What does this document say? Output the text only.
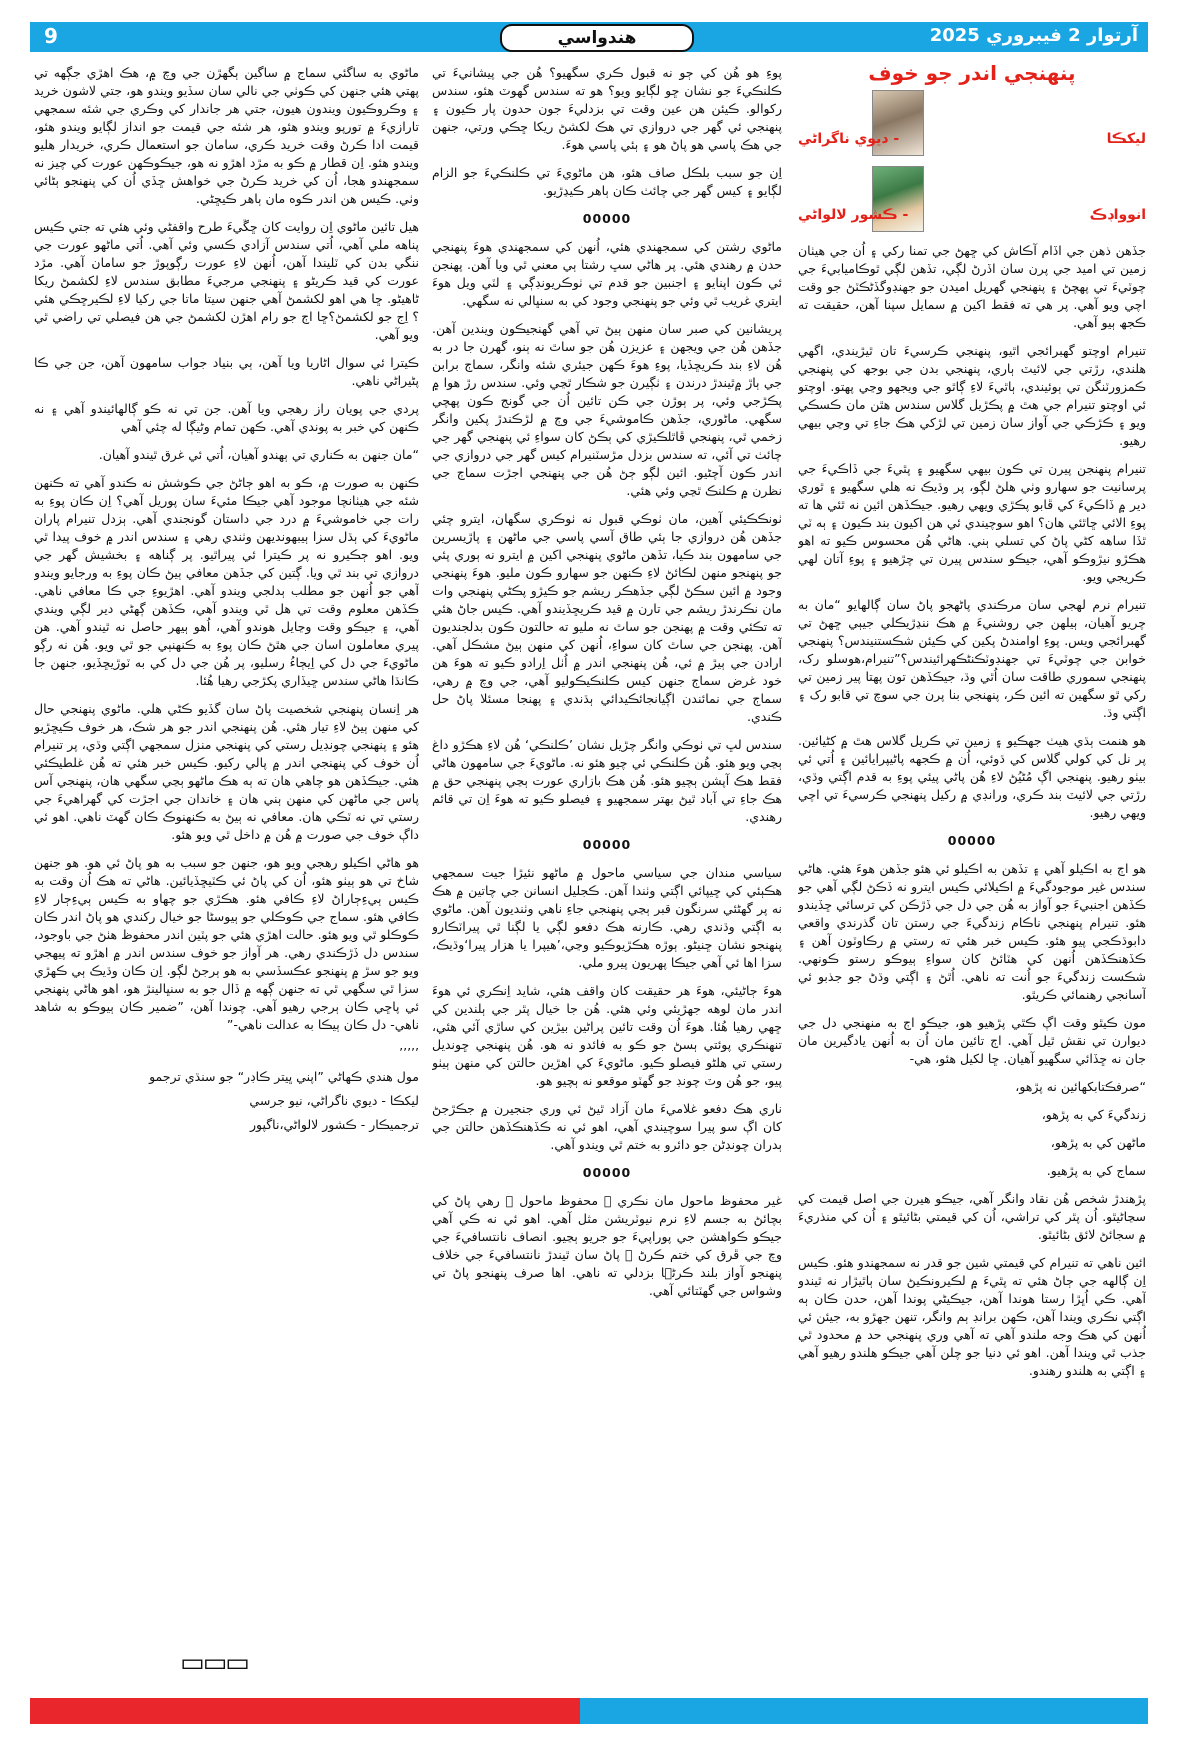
9	هندواسي	آرتوار 2 فيبروري 2025
پنهنجي اندر جو خوف
ليکڪا
- ديوي ناگراڻي
انوواڊڪ
- ڪشور لالواڻي

جڏهن ذهن جي اڏام آڪاش کي ڇهڻ جي تمنا رکي ۽ اُن جي هيٺان زمين تي اميد جي پرن سان اڏرڻ لڳي، تڏهن لڳي ٿوڪاميابيءَ جي چوٽيءَ تي پهچڻ ۽ پنهنجي گهريل اميدن جو جهنڊوگڏڻڪٽڻ جو وقت اچي ويو آهي. پر هي ته فقط اکين ۾ سمايل سپنا آهن، حقيقت ته ڪجھ ٻيو آهي.

تنيرام اوچتو گهبرائجي اٿيو، پنهنجي ڪرسيءَ تان ٿيڙيندي، اگهي هلندي، رڙتي جي لائيٽ ٻاري، پنهنجي بدن جي بوجھ کي پنهنجي ڪمزورٽنگن تي ٻوئيندي، ٻاٿيءَ لاءِ ڳاٿو جي ويجهو وڃي پهتو. اوچتو ئي اوچتو تنيرام جي هٿ ۾ پڪڙيل گلاس سندس هٿن مان ڪسڪي ويو ۽ ڪڙڪي جي آواز سان زمين تي لڙکي هڪ جاءِ تي وڃي بيهي رهيو.

تنيرام پنهنجن پيرن تي ڪون بيهي سگهيو ۽ پٿيءَ جي ڏاڪيءَ جي پرسانيت جو سهارو وٺي هلڻ لڳو، پر وڌيڪ نه هلي سگهيو ۽ ٿوري دير ۾ ڏاڪيءَ کي ڦابو پڪڙي ويهي رهيو. جيڪڏهن ائين نه ٿئي ها ته پوءِ الائي ڇاٿئي هان؟ اهو سوچيندي ئي هن اکيون بند ڪيون ۽ ٻه ٽي ٿڏا ساهه کڻي پاڻ کي تسلي ٻني. هاڻي هُن محسوس ڪيو ته اهو هڪڙو نيڙوڪو آهي، جيڪو سندس پيرن تي چڙهيو ۽ پوءِ آتان لهي ڪريجي ويو.

تنيرام نرم لهجي سان مرڪندي پاڻهجو پاڻ سان ڳالهايو “مان به چريو آهيان، ٻيلهن جي روشنيءَ ۾ هڪ ننڍڙيڪلي جيٻي ڇهڻ تي گهبرائجي ويس. پوءِ اوامندڻ پکين کي ڪيئن شڪستنيندس؟ پنهنجي خوابن جي چوٽيءَ تي جهنڊوٽڪنڻڪهرائيندس؟”تنيرام،هوسلو رک، پنهنجي سموري طاقت سان اُٿي وڌ، جيڪڏهن تون پهتا پير زمين تي رکي ٿو سگهين ته ائين ڪر، پنهنجي بنا پرن جي سوچ تي قابو رک ۽ اڳتي وڌ.

هو هنمت ٻڌي هيٺ جهڪيو ۽ زمين تي ڪريل گلاس هٿ ۾ کڻيائين. پر نل کي کولي گلاس کي ڌوئي، اُن ۾ ڪجهه پاڻيپرايائين ۽ اُتي ئي بيٺو رهيو. پنهنجي اڳ مُڻيُڻ لاءِ هُن پاڻي پيئي پوءِ به قدم اڳتي وڌي، رڙتي جي لائيٽ بند ڪري، ورانڊي ۾ رکيل پنهنجي ڪرسيءَ تي اچي ويهي رهيو.

00000

هو اڄ به اڪيلو آهي ۽ تڏهن به اڪيلو ئي هئو جڏهن هوءَ هئي. هاڻي سندس غير موجودگيءَ ۾ اڪيلائي ڪيس ايترو نه ڏڪڻ لڳي آهي جو ڪڏهن اجنبيءَ جو آواز به هُن جي دل جي ڏڙڪن کي ترسائي ڇڏيندو هئو. تنيرام پنهنجي ناڪام زندگيءَ جي رستن تان گذرندي واقعي دابوڌڪجي پيو هئو. ڪيس خبر هئي ته رستي ۾ رڪاوٽون آهن ۽ ڪڏهنڪڏهن اُنهن کي هٽائڻ کان سواءِ ٻيوڪو رستو ڪونهي. شڪست زندگيءَ جو اُنت ته ناهي. اُٿڻ ۽ اڳتي وڌڻ جو جذبو ئي آسانجي رهنمائي ڪريٿو.

مون ڪيٿو وقت اڳ ڪٿي پڙهيو هو، جيڪو اڄ به منهنجي دل جي ديوارن تي نقش ٿيل آهي. اڄ تائين مان اُن به اُنهن يادگيرين مان جان نه ڇڏائي سگهيو آهيان. ڇا لکيل هئو، هي-

“صرفڪتابکهائين نه پڙهو،

زندگيءَ کي به پڙهو،

ماڻهن کي به پڙهو،

سماج کي به پڙهيو.

پڙهندڙ شخص هُن نقاد وانگر آهي، جيڪو هيرن جي اصل قيمت کي سڃاڻيٿو. اُن پٿر کي تراشي، اُن کي قيمتي بڻائيٿو ۽ اُن کي منذريءَ ۾ سجائڻ لائق بڻائيٿو.

ائين ناهي ته تنيرام کي قيمتي شين جو قدر نه سمجهندو هئو. ڪيس اِن ڳالهه جي ڄاڻ هئي ته پٿيءَ ۾ لڪيرونڪيڻ سان ٻاٿيڙار نه ٿيندو آهي. ڪي اُڀڙا رستا هوندا آهن، جيڪيڻي پوندا آهن، حدن ڪان ٻه اڳتي نڪري ويندا آهن، ڪهن برانڊ ٻم وانگر، تنهن جهڙو به، جيئن ئي اُنهن کي هڪ وجه ملندو آهي ته آهي وري پنهنجي حد ۾ محدود ٿي جذب ٿي ويندا آهن. اهو ئي دنيا جو چلن آهي جيڪو هلندو رهيو آهي ۽ اڳتي به هلندو رهندو.

پوءِ هو هُن کي ڄو نه قبول ڪري سگهيو؟ هُن جي پيشانيءَ تي ڪلنڪيءَ جو نشان ڇو لڳايو ويو؟ هو ته سندس گهوٽ هئو، سندس رکوالو. ڪيئن هن عين وقت تي بزدليءَ جون حدون پار ڪيون ۽ پنهنجي ئي گهر جي دروازي تي هڪ لکشڻ ريکا ڇڪي ورتي، جنهن جي هڪ پاسي هو پاڻ هو ۽ ٻئي پاسي هوءَ.

اِن جو سبب بلڪل صاف هئو، هن ماڻويءَ تي ڪلنڪيءَ جو الزام لڳايو ۽ کيس گهر جي چائٺ ڪان ٻاهر ڪيڍڙيو.

00000

ماڻوي رشتن کي سمجهندي هئي، اُنهن کي سمجهندي هوءَ پنهنجي حدن ۾ رهندي هئي. پر هاڻي سڀ رشتا ٻي معني ٿي ويا آهن. پهنجن ئي ڪون اپنايو ۽ اجنبين جو قدم تي ٺوڪريونڊڳي ۽ لٽي ويل هوءَ ايتري غريب ٿي وئي جو پنهنجي وجود کي به سنڀالي نه سگهي.

پريشانين کي صبر سان منهن ٻيڻ تي آهي گهنجيڪون ويندين آهن. جڏهن هُن جي ويجهن ۽ عزيزن هُن جو ساٿ نه ٻنو، گهرن جا در به هُن لاءِ بند ڪريڇڏيا، پوءِ هوءَ ڪهن جيئري شئه وانگر، سماڄ برابن جي ٻاڙ ۾ٿيندڙ درندن ۽ ٺڳيرن جو شڪار ٿڃي وئي. سندس رڙ هوا ۾ پڪڙجي وئي، پر ٻوڙن جي ڪن تائين اُن جي گونج ڪون پهچي سگهي. ماڻوري، جڏهن ڪاموشيءَ جي وڄ ۾ لڙڪندڙ پکين وانگر زخمي ٿي، پنهنجي ڦاٿلڪيڙي کي ٻڪڻ کان سواءِ ئي پنهنجي گهر جي چائٺ تي آئي، ته سندس بزدل مڙسٽنيرام کيس گهر جي دروازي جي اندر ڪون آچڻيو. ائين لڳو ڄڻ هُن جي پنهنجي اجڙت سماڄ جي نظرن ۾ ڪلنڪ ٿڃي وئي هئي.

ٺونڪڪيئي آهين، مان ٺوڪي قبول نه ٺوڪري سگهان، ايترو چئي جڏهن هُن دروازي جا ٻئي طاق آسي پاسي جي ماڻهن ۽ پاڙيسرين جي سامهون بند ڪيا، تڏهن ماڻوي پنهنجي اکين ۾ ايترو نه ٻوري پئي جو پنهنجو منهن لڪائڻ لاءِ ڪنهن جو سهارو ڪون مليو. هوءَ پنهنجي وجود ۾ ائين سڪڻ لڳي جڏهڪر ريشم جو ڪيڙو پڪڻي پنهنجي وات مان نڪرندڙ ريشم جي تارن ۾ قيد ڪريڇڏيندو آهي. ڪيس جاڻ هئي ته تڪئي وقت ۾ پهنجن جو ساٿ نه مليو ته حالتون ڪون بدلجنديون آهن. پهنجن جي ساٿ کان سواءِ، اُنهن کي منهن ٻيڻ مشڪل آهي. ارادن جي ٻيڙ ۾ ئي، هُن پنهنجي اندر ۾ اُٺل اِرادو ڪيو ته هوءَ هن خود غرض سماڄ جنهن کيس ڪلنڪيڪوليو آهي، جي وچ ۾ رهي، سماڄ جي نمائندن اڳيانجائڪيدائي ٻڌندي ۽ پهنجا مسئلا پاڻ حل ڪندي.

سندس لڀ تي ٺوڪي وانگر چڙيل نشان ’ڪلنڪي‘ هُن لاءِ هڪڙو داغ ٻڃي ويو هئو. هُن ڪلنڪي ئي چيو هئو نه. ماڻويءَ جي سامهون هاڻي فقط هڪ آپشن ٻچيو هئو. هُن هڪ بازاري عورت ٻڃي پنهنجي حق ۾ هڪ جاءِ تي آباد ٿيڻ بهتر سمجهيو ۽ فيصلو ڪيو ته هوءَ اِن تي قائم رهندي.

00000

سياسي مندان جي سياسي ماحول ۾ ماڻهو نئيڙا جيت سمجهي هڪٻئي کي ڇيپائي اڳتي وٺندا آهن. ڪجليل انسانن جي چاتين ۾ هڪ نه پر گهڻئي سرنگون قبر ٻڃي پنهنجي جاءِ ناهي وٺنديون آهن. ماڻوي به اڳتي وڌندي رهي. ڪارنه هڪ دفعو لڳي يا لڳنا ٿي پيراٽڪارو پنهنجو نشان ڇنيڻو. ٻوڙه هڪڙيوڪيو وڃي،’هيپرا يا هزار پيرا‘وڌيڪ، سزا اها ئي آهي جيڪا پهريون پيرو ملي.

هوءَ ڄاڻيئي، هوءَ هر حقيقت کان واقف هئي، شايد اِنڪري ئي هوءَ اندر مان لوهه جهڙيئي وئي هئي. هُن جا خيال پٿر جي ٻلندين کي ڇهي رهيا هُئا. هوءَ اُن وقت تائين پراڻين بيڙين کي ساڙي آئي هئي، تنهنڪري پوئتي ٻسڻ جو ڪو به فائدو نه هو. هُن پنهنجي ڇونديل رستي تي هلڻو فيصلو ڪيو. ماڻويءَ کي اهڙين حالتن کي منهن ٻيٺو پيو، جو هُن وٽ چونڊ جو گهٽو موقعو نه ٻچيو هو.

ناري هڪ دفعو غلاميءَ مان آزاد ٿيڻ ئي وري جنجيرن ۾ جڪڙجڻ کان اڳ سو پيرا سوچيندي آهي، اهو ئي نه ڪڏهنڪڏهن حالتن جي ٻدران چونڊڻن جو دائرو به ختم ٿي ويندو آهي.

00000

غير محفوظ ماحول مان نڪري ۽ محفوظ ماحول ۾ رهي پاڻ کي بچائڻ به جسم لاءِ نرم نيوٽريشن مثل آهي. اهو ئي نه ڪي آهي جيڪو ڪواهشن جي پوراپيءَ جو جريو ٻڃيو. انصاف نانتسافيءَ جي وچ جي ڦرق کي ختم ڪرڻ ۽ پاڻ سان ٿيندڙ نانتسافيءَ جي خلاف پنهنجو آواز بلند ڪرڻ٘ا بزدلي ته ناهي. اها صرف پنهنجو پاڻ تي وشواس جي گهٽتائي آهي.

ماڻوي به ساگئي سماج ۾ ساگين ٻگهڙن جي وچ ۾، هڪ اهڙي جڳهه تي پهتي هئي جنهن کي ڪوٺي جي نالي سان سڏيو ويندو هو، جتي لاشون خريد ۽ وڪروڪيون ويندون هيون، جتي هر جاندار کي وڪري جي شئه سمجهي تارازيءَ ۾ تورپو ويندو هئو، هر شئه جي قيمت جو انداز لڳايو ويندو هئو، قيمت ادا ڪرڻ وقت خريد ڪري، سامان جو استعمال ڪري، خريدار هليو ويندو هئو. اِن قطار ۾ ڪو به مڙد اهڙو نه هو، جيڪوڪهن عورت کي چيز نه سمجهندو هجا، اُن کي خريد ڪرڻ جي خواهش ڇڏي اُن کي پنهنجو ٻڻائي وٺي. ڪيس هن اندر ڪوه مان ٻاهر ڪيڇڻي.

هيل تائين ماڻوي اِن روايت کان ڇڱيءَ طرح واقفڻي وئي هئي ته جتي ڪيس پناهه ملي آهي، اُتي سندس آزادي ڪسي وئي آهي. اُتي ماڻهو عورت جي ننگي بدن کي ٽليندا آهن، اُنهن لاءِ عورت رڳوپوڙ جو سامان آهي. مڙد عورت کي قيد ڪريڻو ۽ پنهنجي مرجيءَ مطابق سندس لاءِ لکشمڻ ريکا ڻاهيڻو. ڇا هي اهو لکشمڻ آهي جنهن سيتا ماتا جي رکيا لاءِ لڪيرڇڪي هئي ؟ اِج جو لکشمڻ؟ڇا اڄ جو رام اهڙن لکشمڻ جي هن فيصلي تي راضي ٿي ويو آهي.

ڪيترا ئي سوال اڻاريا ويا آهن، ٻي بنياد جواب سامهون آهن، جن جي ڪا پڻيراڻي ناهي.

پردي جي پويان راز رهجي ويا آهن. جن تي نه ڪو ڳالهائيندو آهي ۽ نه ڪنهن کي خبر به پوندي آهي. ڪهن تمام وڻيڳا له چئي آهي

“مان جنهن به ڪناري تي ٻهندو آهيان، اُتي ئي غرق ٿيندو آهيان.

ڪنهن به صورت ۾، ڪو به اهو ڄاڻڻ جي ڪوشش نه ڪندو آهي ته ڪنهن شئه جي هيٺانچا موجود آهي جيڪا مئيءَ سان پوريل آهي؟ اِن ڪان پوءِ به رات جي خاموشيءَ ۾ درد جي داستان گونجندي آهي. ٻزدل تنيرام پاران ماڻويءَ کي ٻڌل سزا ٻيبهونديهن وٺندي رهي ۽ سندس اندر ۾ خوف پيدا ٿي ويو. اهو ڄڪيرو نه پر ڪيترا ئي پيراٿيو. پر ڳناهه ۽ بخشيش گهر جي دروازي تي بند ٿي ويا. ڳتين کي جڏهن معافي ٻيڻ ڪان پوءِ به ورجايو ويندو آهي جو اُنهن جو مطلب ٻدلجي ويندو آهي. اهڙيوءِ جي ڪا معافي ناهي. ڪڏهن معلوم وقت تي هل ٿي ويندو آهي، ڪڏهن ڳهڻي دير لڳي ويندي آهي، ۽ جيڪو وقت وڃايل هوندو آهي، اُهو ٻيهر حاصل نه ٿيندو آهي. هن پيري معاملون اسان جي هٿڻ ڪان پوءِ به ڪنهنٻي جو ٿي ويو. هُن نه رڳو ماڻويءَ جي دل کي اِيڄاءُ رسليو، پر هُن جي دل کي به ٽوڙيڇڏيو، جنهن جا ڪانڌا هاڻي سندس ڇيڏاري پکڙجي رهيا هُئا.

هر اِنسان پنهنجي شخصيت پاڻ سان گڏيو ڪڻي هلي. ماڻوي پنهنجي حال کي منهن ٻيڻ لاءِ تيار هئي. هُن پنهنجي اندر جو هر شڪ، هر خوف ڪيڇڙيو هئو ۽ پنهنجي چونڊيل رستي کي پنهنجي منزل سمجهي اڳتي وڌي، پر تنيرام اُن خوف کي پنهنجي اندر ۾ پالي رکيو. ڪيس خبر هئي ته هُن غلطيڪئي هئي. جيڪڏهن هو چاهي هان ته ٻه هڪ ماڻهو ٻڃي سگهي هان، پنهنجي آس پاس جي ماڻهن کي منهن ٻني هان ۽ خاندان جي اجڙت کي گهراهيءَ جي رستي تي نه ٽڪي هان. معافي نه ٻيڻ به ڪنهنوڪ ڪان گهٽ ناهي. اهو ئي داڳ خوف جي صورت ۾ هُن ۾ داخل ٿي ويو هئو.

هو هاڻي اڪيلو رهجي ويو هو، جنهن جو سبب به هو پاڻ ئي هو. هو جنهن شاخ تي هو ٻيٺو هئو، اُن کي پاڻ ئي ڪٽيڇڏيائين. هاڻي ته هڪ اُن وقت به ڪيس ٻيءِڄاراڻ لاءِ ڪافي هئو. هڪڙي جو چهاو به ڪيس ٻيءِڄار لاءِ ڪافي هئو. سماج جي ڪوڪلي جو ٻيوسڻا جو خيال رکندي هو پاڻ اندر ڪان ڪوڪلو ٿي ويو هئو. حالت اهڙي هئي جو پٽين اندر محفوظ هٺڻ جي باوجود، سندس دل ڏڙڪندي رهي. هر آواز جو خوف سندس اندر ۾ اهڙو ته پيهجي ويو جو سڙ ۾ پنهنجو عڪسڏسي به هو ٻرجڻ لڳو. اِن ڪان وڌيڪ ٻي ڪهڙي سزا ٿي سگهي ٿي ته جنهن ڳهه ۾ ڏال جو به سنڀالينڙ هو، اهو هاڻي پنهنجي ئي پاڇي ڪان ٻرجي رهيو آهي. چوندا آهن، ”ضمير ڪان ٻيوڪو به شاهد ناهي- دل ڪان ٻيڪا به عدالت ناهي-”

’’’’’

مول هندي ڪهاڻي ”اپني ڀيتر ڪاڊر“ جو سنڌي ترجمو

ليکڪا - ديوي ناگراڻي، نيو جرسي

ترجميڪار - ڪشور لالواڻي،ناگپور

▭▭▭
